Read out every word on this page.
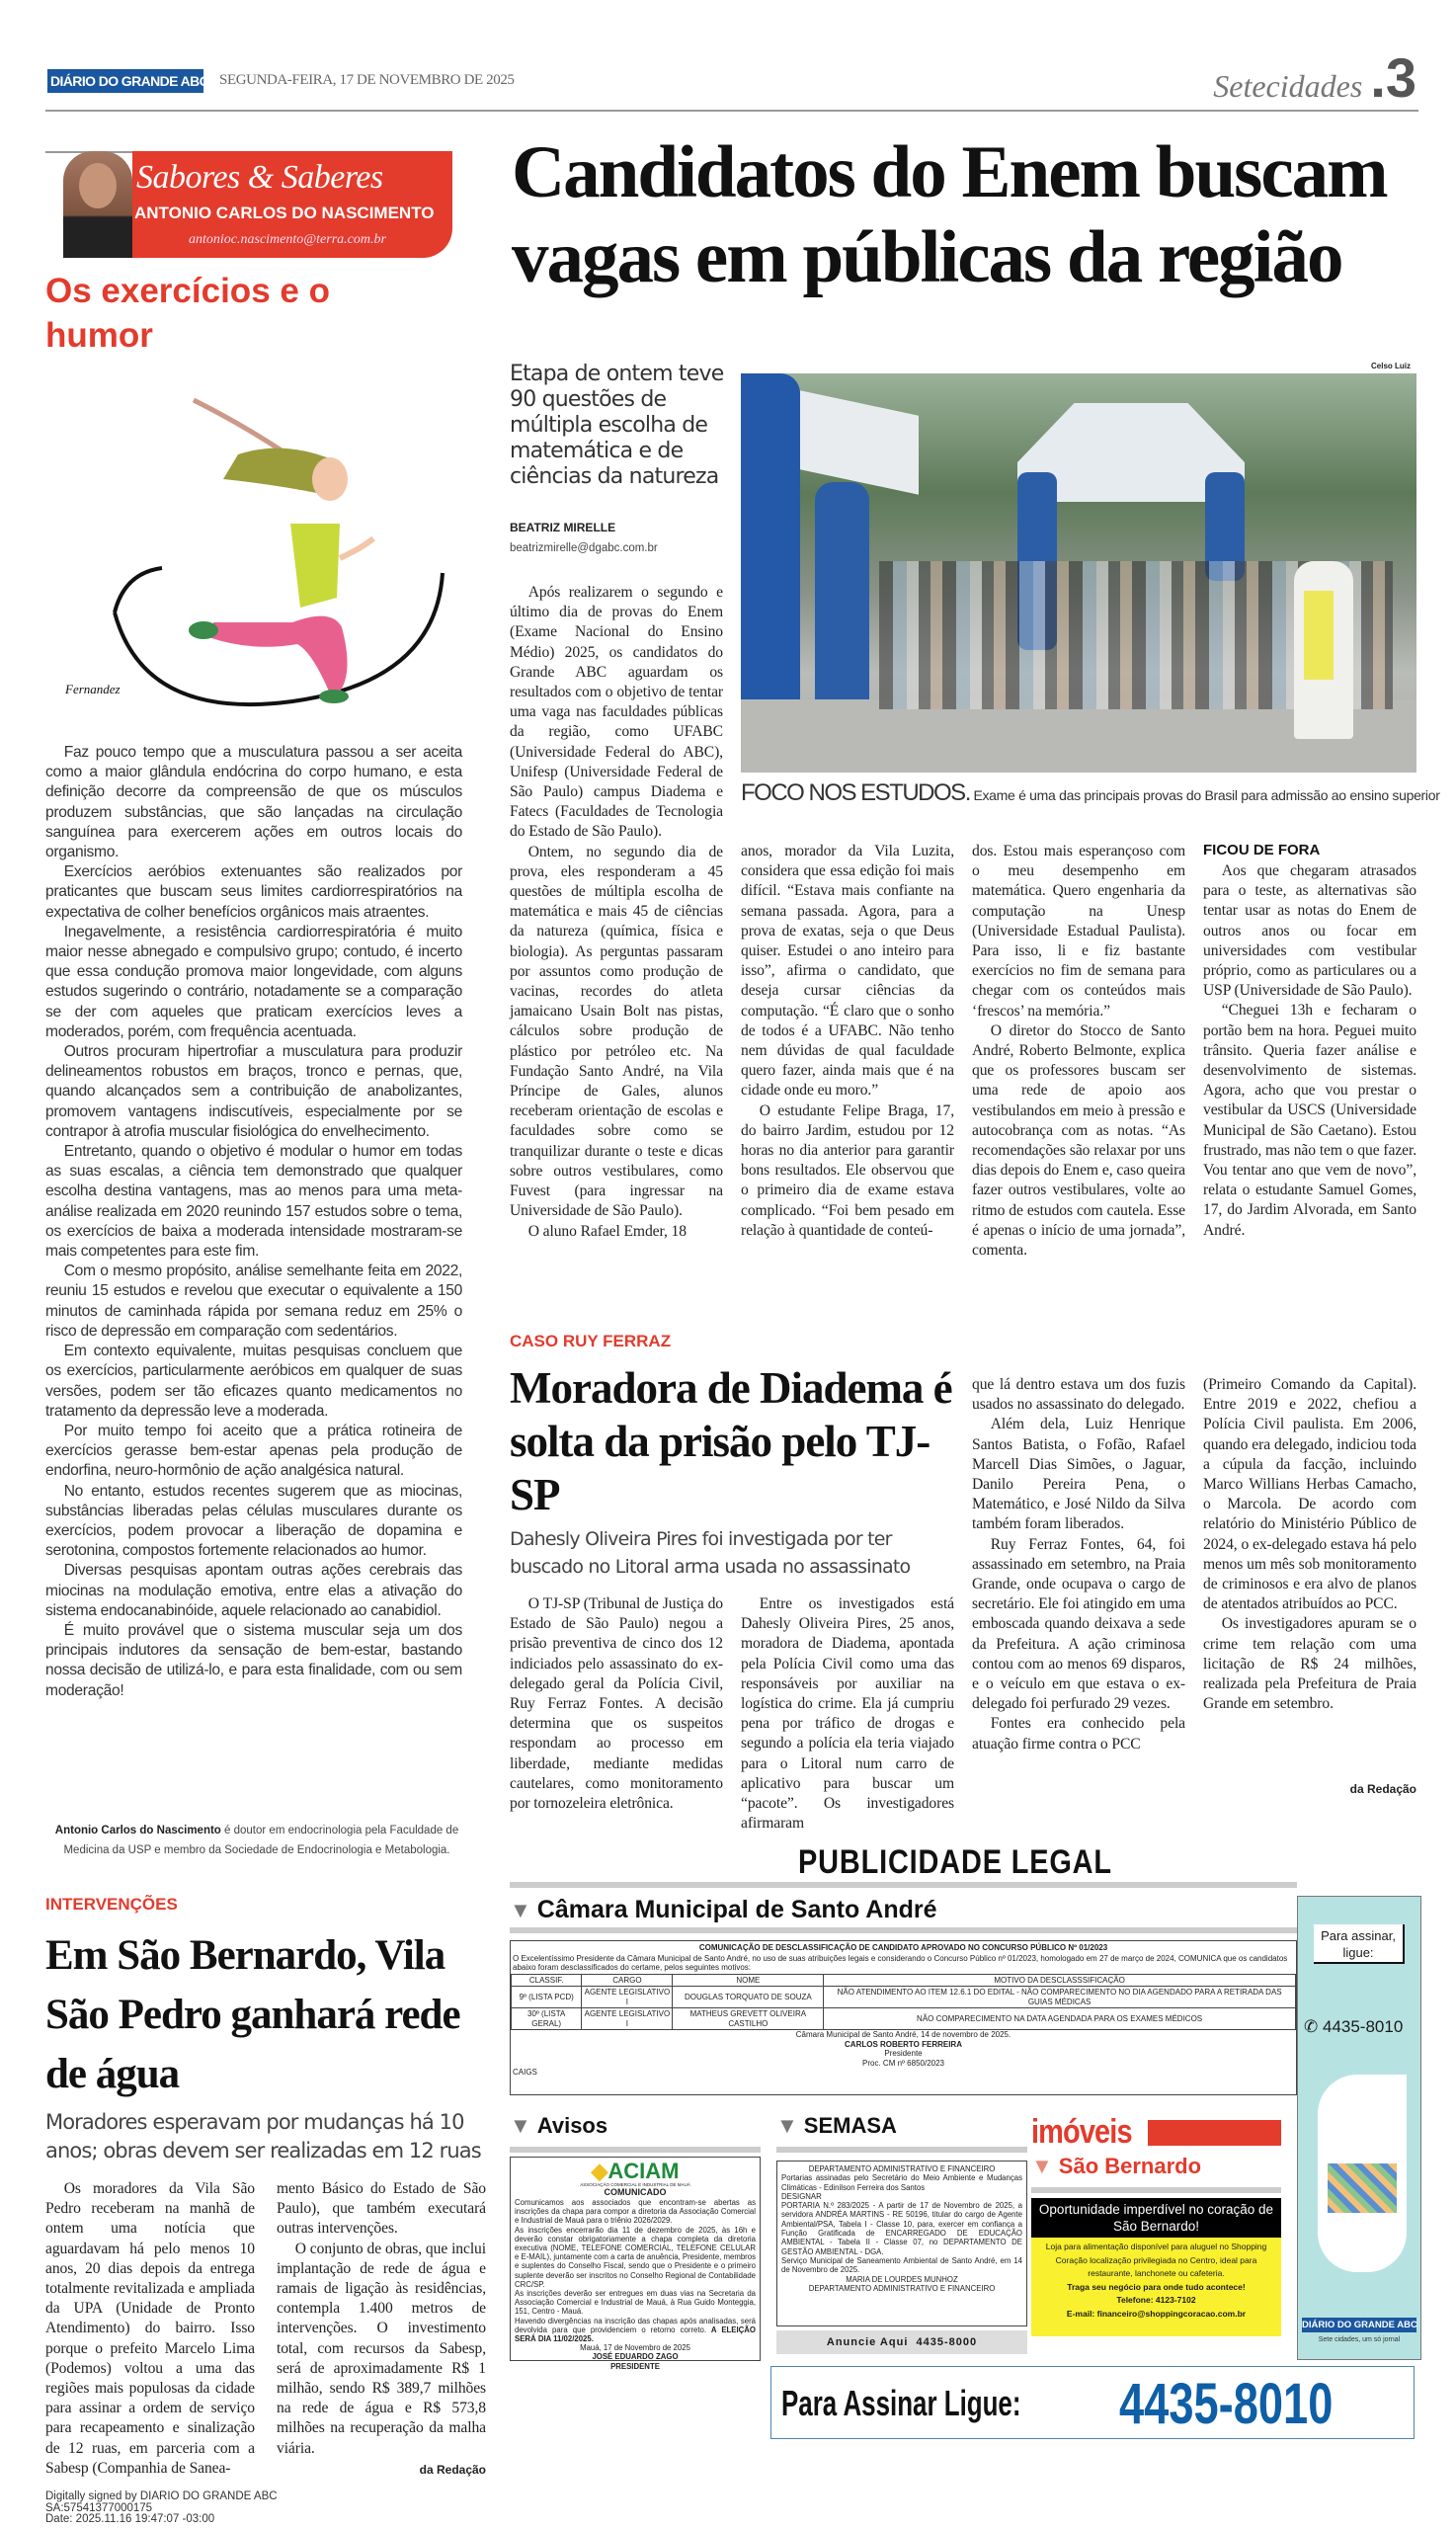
DIÁRIO DO GRANDE ABC SEGUNDA-FEIRA, 17 DE NOVEMBRO DE 2025	Setecidades .3
Sabores & Saberes
ANTONIO CARLOS DO NASCIMENTO
antonioc.nascimento@terra.com.br
Os exercícios e o humor
Fernandez

Faz pouco tempo que a musculatura passou a ser aceita como a maior glândula endócrina do corpo humano, e esta definição decorre da compreensão de que os músculos produzem substâncias, que são lançadas na circulação sanguínea para exercerem ações em outros locais do organismo.

Exercícios aeróbios extenuantes são realizados por praticantes que buscam seus limites cardiorrespiratórios na expectativa de colher benefícios orgânicos mais atraentes.

Inegavelmente, a resistência cardiorrespiratória é muito maior nesse abnegado e compulsivo grupo; contudo, é incerto que essa condução promova maior longevidade, com alguns estudos sugerindo o contrário, notadamente se a comparação se der com aqueles que praticam exercícios leves a moderados, porém, com frequência acentuada.

Outros procuram hipertrofiar a musculatura para produzir delineamentos robustos em braços, tronco e pernas, que, quando alcançados sem a contribuição de anabolizantes, promovem vantagens indiscutíveis, especialmente por se contrapor à atrofia muscular fisiológica do envelhecimento.

Entretanto, quando o objetivo é modular o humor em todas as suas escalas, a ciência tem demonstrado que qualquer escolha destina vantagens, mas ao menos para uma meta-análise realizada em 2020 reunindo 157 estudos sobre o tema, os exercícios de baixa a moderada intensidade mostraram-se mais competentes para este fim.

Com o mesmo propósito, análise semelhante feita em 2022, reuniu 15 estudos e revelou que executar o equivalente a 150 minutos de caminhada rápida por semana reduz em 25% o risco de depressão em comparação com sedentários.

Em contexto equivalente, muitas pesquisas concluem que os exercícios, particularmente aeróbicos em qualquer de suas versões, podem ser tão eficazes quanto medicamentos no tratamento da depressão leve a moderada.

Por muito tempo foi aceito que a prática rotineira de exercícios gerasse bem-estar apenas pela produção de endorfina, neuro-hormônio de ação analgésica natural.

No entanto, estudos recentes sugerem que as miocinas, substâncias liberadas pelas células musculares durante os exercícios, podem provocar a liberação de dopamina e serotonina, compostos fortemente relacionados ao humor.

Diversas pesquisas apontam outras ações cerebrais das miocinas na modulação emotiva, entre elas a ativação do sistema endocanabinóide, aquele relacionado ao canabidiol.

É muito provável que o sistema muscular seja um dos principais indutores da sensação de bem-estar, bastando nossa decisão de utilizá-lo, e para esta finalidade, com ou sem moderação!

Antonio Carlos do Nascimento é doutor em endocrinologia pela Faculdade de Medicina da USP e membro da Sociedade de Endocrinologia e Metabologia.
Candidatos do Enem buscam vagas em públicas da região
Etapa de ontem teve 90 questões de múltipla escolha de matemática e de ciências da natureza
BEATRIZ MIRELLE
beatrizmirelle@dgabc.com.br

Após realizarem o segundo e último dia de provas do Enem (Exame Nacional do Ensino Médio) 2025, os candidatos do Grande ABC aguardam os resultados com o objetivo de tentar uma vaga nas faculdades públicas da região, como UFABC (Universidade Federal do ABC), Unifesp (Universidade Federal de São Paulo) campus Diadema e Fatecs (Faculdades de Tecnologia do Estado de São Paulo).

Ontem, no segundo dia de prova, eles responderam a 45 questões de múltipla escolha de matemática e mais 45 de ciências da natureza (química, física e biologia). As perguntas passaram por assuntos como produção de vacinas, recordes do atleta jamaicano Usain Bolt nas pistas, cálculos sobre produção de plástico por petróleo etc. Na Fundação Santo André, na Vila Príncipe de Gales, alunos receberam orientação de escolas e faculdades sobre como se tranquilizar durante o teste e dicas sobre outros vestibulares, como Fuvest (para ingressar na Universidade de São Paulo).

O aluno Rafael Emder, 18

Celso Luiz
FOCO NOS ESTUDOS. Exame é uma das principais provas do Brasil para admissão ao ensino superior

anos, morador da Vila Luzita, considera que essa edição foi mais difícil. “Estava mais confiante na semana passada. Agora, para a prova de exatas, seja o que Deus quiser. Estudei o ano inteiro para isso”, afirma o candidato, que deseja cursar ciências da computação. “É claro que o sonho de todos é a UFABC. Não tenho nem dúvidas de qual faculdade quero fazer, ainda mais que é na cidade onde eu moro.”

O estudante Felipe Braga, 17, do bairro Jardim, estudou por 12 horas no dia anterior para garantir bons resultados. Ele observou que o primeiro dia de exame estava complicado. “Foi bem pesado em relação à quantidade de conteú-

dos. Estou mais esperançoso com o meu desempenho em matemática. Quero engenharia da computação na Unesp (Universidade Estadual Paulista). Para isso, li e fiz bastante exercícios no fim de semana para chegar com os conteúdos mais ‘frescos’ na memória.”

O diretor do Stocco de Santo André, Roberto Belmonte, explica que os professores buscam ser uma rede de apoio aos vestibulandos em meio à pressão e autocobrança com as notas. “As recomendações são relaxar por uns dias depois do Enem e, caso queira fazer outros vestibulares, volte ao ritmo de estudos com cautela. Esse é apenas o início de uma jornada”, comenta.

FICOU DE FORA

Aos que chegaram atrasados para o teste, as alternativas são tentar usar as notas do Enem de outros anos ou focar em universidades com vestibular próprio, como as particulares ou a USP (Universidade de São Paulo).

“Cheguei 13h e fecharam o portão bem na hora. Peguei muito trânsito. Queria fazer análise e desenvolvimento de sistemas. Agora, acho que vou prestar o vestibular da USCS (Universidade Municipal de São Caetano). Estou frustrado, mas não tem o que fazer. Vou tentar ano que vem de novo”, relata o estudante Samuel Gomes, 17, do Jardim Alvorada, em Santo André.

CASO RUY FERRAZ
Moradora de Diadema é solta da prisão pelo TJ-SP
Dahesly Oliveira Pires foi investigada por ter buscado no Litoral arma usada no assassinato

O TJ-SP (Tribunal de Justiça do Estado de São Paulo) negou a prisão preventiva de cinco dos 12 indiciados pelo assassinato do ex-delegado geral da Polícia Civil, Ruy Ferraz Fontes. A decisão determina que os suspeitos respondam ao processo em liberdade, mediante medidas cautelares, como monitoramento por tornozeleira eletrônica.

Entre os investigados está Dahesly Oliveira Pires, 25 anos, moradora de Diadema, apontada pela Polícia Civil como uma das responsáveis por auxiliar na logística do crime. Ela já cumpriu pena por tráfico de drogas e segundo a polícia ela teria viajado para o Litoral num carro de aplicativo para buscar um “pacote”. Os investigadores afirmaram

que lá dentro estava um dos fuzis usados no assassinato do delegado.

Além dela, Luiz Henrique Santos Batista, o Fofão, Rafael Marcell Dias Simões, o Jaguar, Danilo Pereira Pena, o Matemático, e José Nildo da Silva também foram liberados.

Ruy Ferraz Fontes, 64, foi assassinado em setembro, na Praia Grande, onde ocupava o cargo de secretário. Ele foi atingido em uma emboscada quando deixava a sede da Prefeitura. A ação criminosa contou com ao menos 69 disparos, e o veículo em que estava o ex-delegado foi perfurado 29 vezes.

Fontes era conhecido pela atuação firme contra o PCC

(Primeiro Comando da Capital). Entre 2019 e 2022, chefiou a Polícia Civil paulista. Em 2006, quando era delegado, indiciou toda a cúpula da facção, incluindo Marco Willians Herbas Camacho, o Marcola. De acordo com relatório do Ministério Público de 2024, o ex-delegado estava há pelo menos um mês sob monitoramento de criminosos e era alvo de planos de atentados atribuídos ao PCC.

Os investigadores apuram se o crime tem relação com uma licitação de R$ 24 milhões, realizada pela Prefeitura de Praia Grande em setembro.

da Redação
INTERVENÇÕES
Em São Bernardo, Vila São Pedro ganhará rede de água
Moradores esperavam por mudanças há 10 anos; obras devem ser realizadas em 12 ruas

Os moradores da Vila São Pedro receberam na manhã de ontem uma notícia que aguardavam há pelo menos 10 anos, 20 dias depois da entrega totalmente revitalizada e ampliada da UPA (Unidade de Pronto Atendimento) do bairro. Isso porque o prefeito Marcelo Lima (Podemos) voltou a uma das regiões mais populosas da cidade para assinar a ordem de serviço para recapeamento e sinalização de 12 ruas, em parceria com a Sabesp (Companhia de Sanea-

mento Básico do Estado de São Paulo), que também executará outras intervenções.

O conjunto de obras, que inclui implantação de rede de água e ramais de ligação às residências, contempla 1.400 metros de intervenções. O investimento total, com recursos da Sabesp, será de aproximadamente R$ 1 milhão, sendo R$ 389,7 milhões na rede de água e R$ 573,8 milhões na recuperação da malha viária.

da Redação
Digitally signed by DIARIO DO GRANDE ABC
SA:57541377000175
Date: 2025.11.16 19:47:07 -03:00
PUBLICIDADE LEGAL
▼ Câmara Municipal de Santo André
COMUNICAÇÃO DE DESCLASSIFICAÇÃO DE CANDIDATO APROVADO NO CONCURSO PÚBLICO Nº 01/2023
O Excelentíssimo Presidente da Câmara Municipal de Santo André, no uso de suas atribuições legais e considerando o Concurso Público nº 01/2023, homologado em 27 de março de 2024, COMUNICA que os candidatos abaixo foram desclassificados do certame, pelos seguintes motivos:
CLASSIF.	CARGO	NOME	MOTIVO DA DESCLASSSIFICAÇÃO
9º (LISTA PCD)	AGENTE LEGISLATIVO I	DOUGLAS TORQUATO DE SOUZA	NÃO ATENDIMENTO AO ITEM 12.6.1 DO EDITAL - NÃO COMPARECIMENTO NO DIA AGENDADO PARA A RETIRADA DAS GUIAS MÉDICAS
30º (LISTA GERAL)	AGENTE LEGISLATIVO I	MATHEUS GREVETT OLIVEIRA CASTILHO	NÃO COMPARECIMENTO NA DATA AGENDADA PARA OS EXAMES MÉDICOS
Câmara Municipal de Santo André, 14 de novembro de 2025.
CARLOS ROBERTO FERREIRA
Presidente
Proc. CM nº 6850/2023
CAIGS
Para assinar, ligue:
✆ 4435-8010
DIÁRIO DO GRANDE ABC
Sete cidades, um só jornal
▼ Avisos
◆ACIAM
ASSOCIAÇÃO COMERCIAL E INDUSTRIAL DE MAUÁ
COMUNICADO
Comunicamos aos associados que encontram-se abertas as inscrições da chapa para compor a diretoria da Associação Comercial e Industrial de Mauá para o triênio 2026/2029.
As inscrições encerrarão dia 11 de dezembro de 2025, às 16h e deverão constar obrigatoriamente a chapa completa da diretoria executiva (NOME, TELEFONE COMERCIAL, TELEFONE CELULAR e E-MAIL), juntamente com a carta de anuência, Presidente, membros e suplentes do Conselho Fiscal, sendo que o Presidente e o primeiro suplente deverão ser inscritos no Conselho Regional de Contabilidade CRC/SP.
As inscrições deverão ser entregues em duas vias na Secretaria da Associação Comercial e Industrial de Mauá, à Rua Guido Monteggia, 151, Centro - Mauá.
Havendo divergências na inscrição das chapas após analisadas, será devolvida para que providenciem o retorno correto. A ELEIÇÃO SERÁ DIA 11/02/2025.
Mauá, 17 de Novembro de 2025
JOSÉ EDUARDO ZAGO
PRESIDENTE
▼ SEMASA
DEPARTAMENTO ADMINISTRATIVO E FINANCEIRO
Portarias assinadas pelo Secretário do Meio Ambiente e Mudanças Climáticas - Edinilson Ferreira dos Santos
DESIGNAR
PORTARIA N.º 283/2025 - A partir de 17 de Novembro de 2025, a servidora ANDRÉA MARTINS - RE 50196, titular do cargo de Agente Ambiental/PSA, Tabela I - Classe 10, para, exercer em confiança a Função Gratificada de ENCARREGADO DE EDUCAÇÃO AMBIENTAL - Tabela II - Classe 07, no DEPARTAMENTO DE GESTÃO AMBIENTAL - DGA.
Serviço Municipal de Saneamento Ambiental de Santo André, em 14 de Novembro de 2025.
MARIA DE LOURDES MUNHOZ
DEPARTAMENTO ADMINISTRATIVO E FINANCEIRO
Anuncie Aqui  4435-8000
imóveis
▼ São Bernardo
Oportunidade imperdível no coração de São Bernardo!
Loja para alimentação disponível para aluguel no Shopping Coração localização privilegiada no Centro, ideal para restaurante, lanchonete ou cafeteria.
Traga seu negócio para onde tudo acontece!
Telefone: 4123-7102
E-mail: financeiro@shoppingcoracao.com.br
Para Assinar Ligue: 4435-8010
